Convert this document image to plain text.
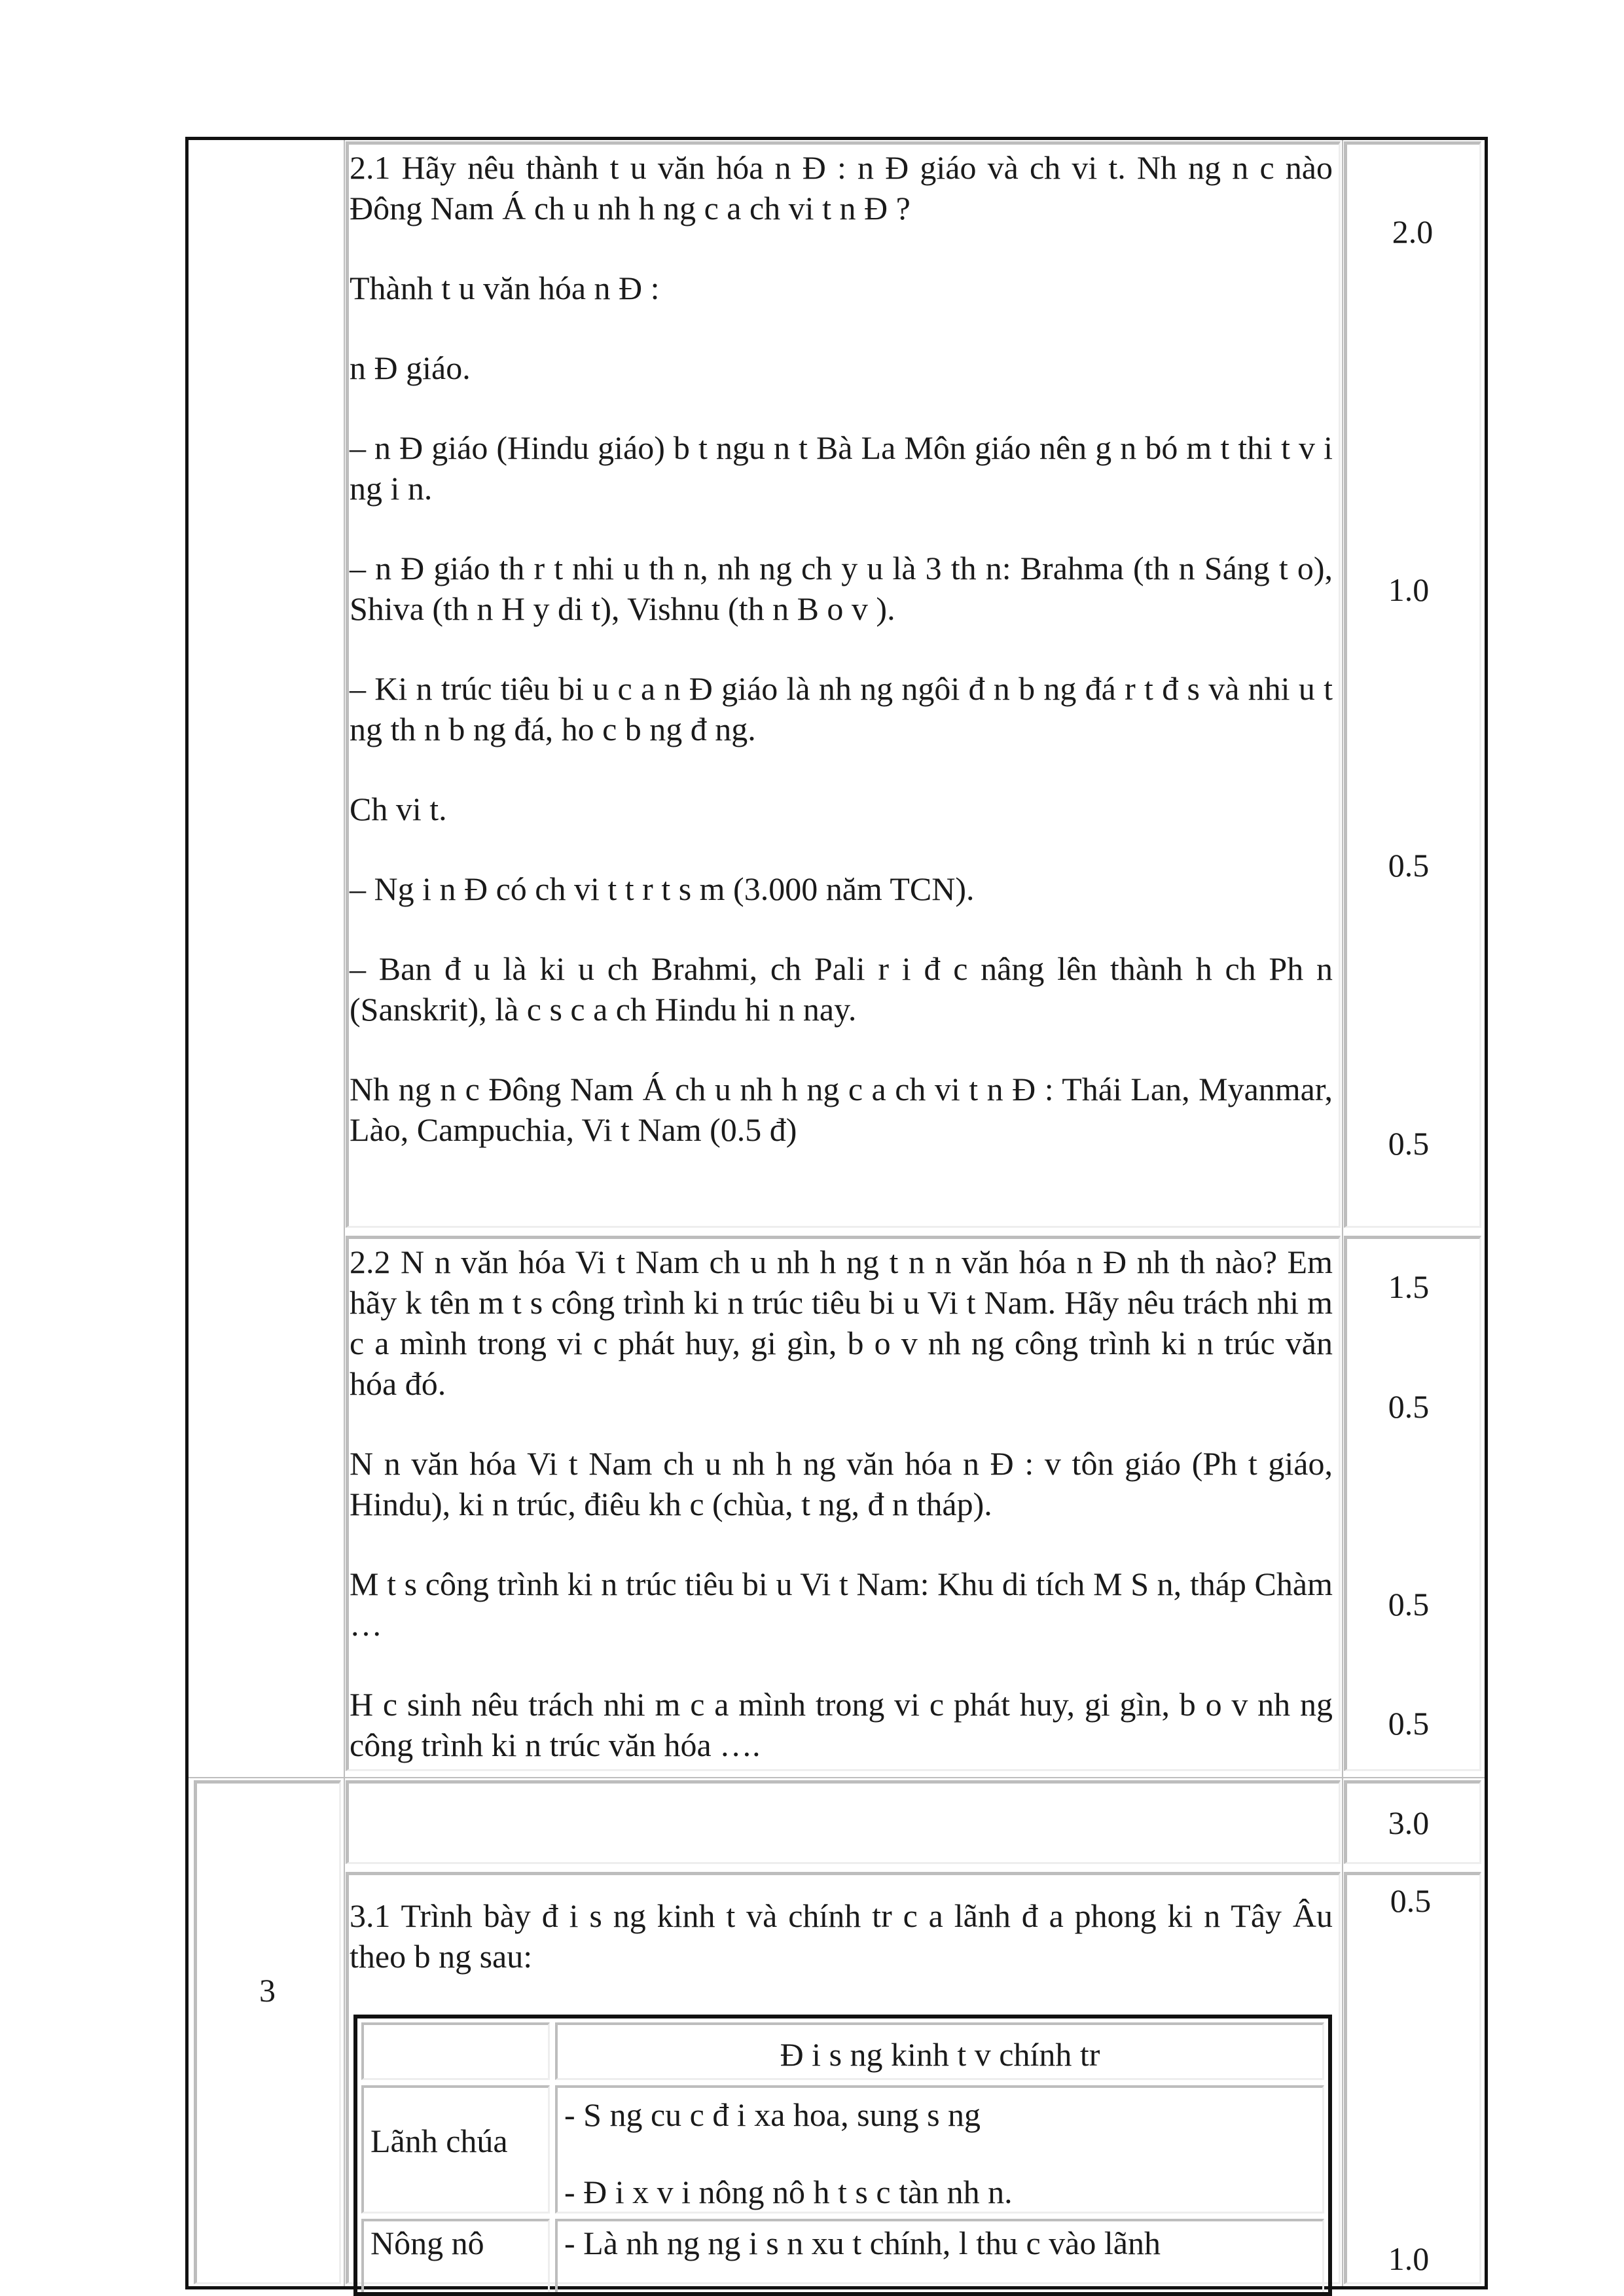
2.1 Hãy nêu thành t u văn hóa n Đ : n Đ giáo và ch vi t. Nh ng n c nào Đông Nam Á ch u nh h ng c a ch vi t n Đ ?

Thành t u văn hóa n Đ :

n Đ giáo.

– n Đ giáo (Hindu giáo) b t ngu n t Bà La Môn giáo nên g n bó m t thi t v i ng i n.

– n Đ giáo th r t nhi u th n, nh ng ch y u là 3 th n: Brahma (th n Sáng t o), Shiva (th n H y di t), Vishnu (th n B o v ).

– Ki n trúc tiêu bi u c a n Đ giáo là nh ng ngôi đ n b ng đá r t đ s và nhi u t ng th n b ng đá, ho c b ng đ ng.

Ch vi t.

– Ng i n Đ có ch vi t t r t s m (3.000 năm TCN).

– Ban đ u là ki u ch Brahmi, ch Pali r i đ c nâng lên thành h ch Ph n (Sanskrit), là c s c a ch Hindu hi n nay.

Nh ng n c Đông Nam Á ch u nh h ng c a ch vi t n Đ : Thái Lan, Myanmar, Lào, Campuchia, Vi t Nam (0.5 đ)

2.0
1.0
0.5
0.5

2.2 N n văn hóa Vi t Nam ch u nh h ng t n n văn hóa n Đ nh th nào? Em hãy k tên m t s công trình ki n trúc tiêu bi u Vi t Nam. Hãy nêu trách nhi m c a mình trong vi c phát huy, gi gìn, b o v nh ng công trình ki n trúc văn hóa đó.

N n văn hóa Vi t Nam ch u nh h ng văn hóa n Đ : v tôn giáo (Ph t giáo, Hindu), ki n trúc, điêu kh c (chùa, t ng, đ n tháp).

M t s công trình ki n trúc tiêu bi u Vi t Nam: Khu di tích M S n, tháp Chàm …

H c sinh nêu trách nhi m c a mình trong vi c phát huy, gi gìn, b o v nh ng công trình ki n trúc văn hóa ….

1.5
0.5
0.5
0.5
3
3.0
0.5
1.0
3.1 Trình bày đ i s ng kinh t và chính tr c a lãnh đ a phong ki n Tây Âu theo b ng sau:
Đ i s ng kinh t v chính tr
Lãnh chúa
- S ng cu c đ i xa hoa, sung s ng
- Đ i x v i nông nô h t s c tàn nh n.
Nông nô	- Là nh ng ng i s n xu t chính, l thu c vào lãnh
